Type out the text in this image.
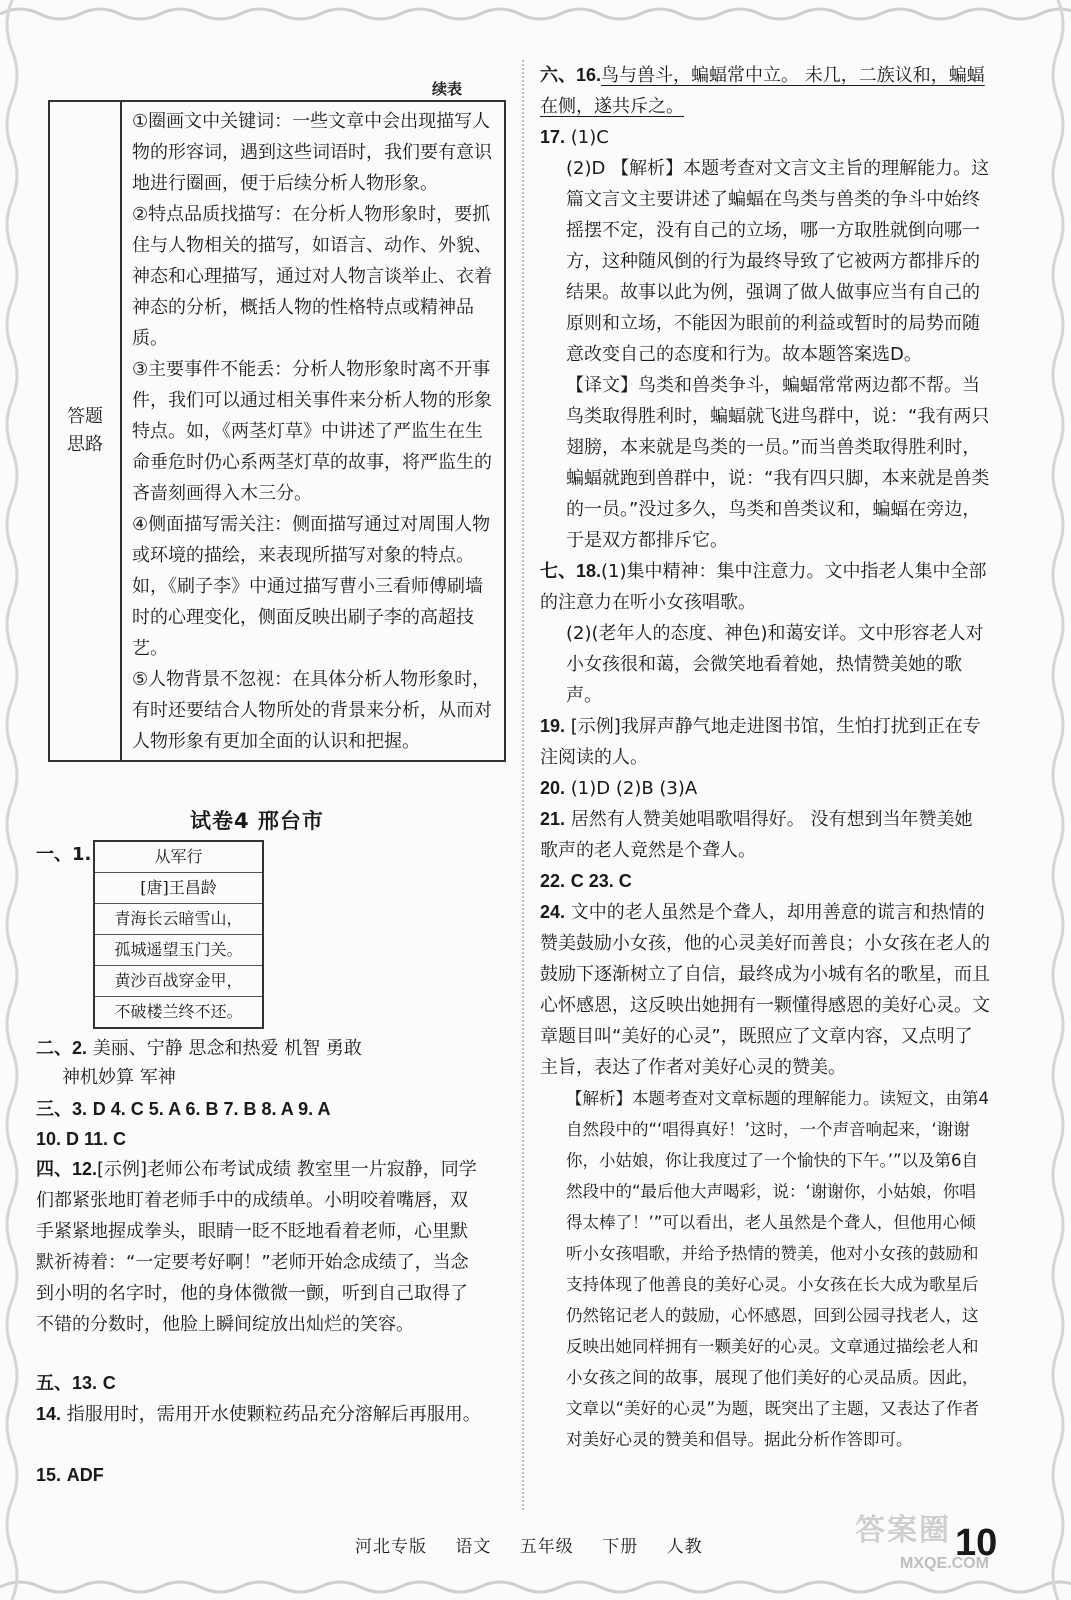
续表
答题思路

①圈画文中关键词：一些文章中会出现描写人物的形容词，遇到这些词语时，我们要有意识地进行圈画，便于后续分析人物形象。

②特点品质找描写：在分析人物形象时，要抓住与人物相关的描写，如语言、动作、外貌、神态和心理描写，通过对人物言谈举止、衣着神态的分析，概括人物的性格特点或精神品质。

③主要事件不能丢：分析人物形象时离不开事件，我们可以通过相关事件来分析人物的形象特点。如，《两茎灯草》中讲述了严监生在生命垂危时仍心系两茎灯草的故事，将严监生的吝啬刻画得入木三分。

④侧面描写需关注：侧面描写通过对周围人物或环境的描绘，来表现所描写对象的特点。如，《刷子李》中通过描写曹小三看师傅刷墙时的心理变化，侧面反映出刷子李的高超技艺。

⑤人物背景不忽视：在具体分析人物形象时，有时还要结合人物所处的背景来分析，从而对人物形象有更加全面的认识和把握。

试卷4 邢台市
一、1.	从军行
[唐]王昌龄
青海长云暗雪山，
孤城遥望玉门关。
黄沙百战穿金甲，
不破楼兰终不还。
二、2. 美丽、宁静 思念和热爱 机智 勇敢
神机妙算 军神
三、3. D 4. C 5. A 6. B 7. B 8. A 9. A
10. D 11. C

四、12.[示例]老师公布考试成绩 教室里一片寂静，同学们都紧张地盯着老师手中的成绩单。小明咬着嘴唇，双手紧紧地握成拳头，眼睛一眨不眨地看着老师，心里默默祈祷着：“一定要考好啊！”老师开始念成绩了，当念到小明的名字时，他的身体微微一颤，听到自己取得了不错的分数时，他脸上瞬间绽放出灿烂的笑容。

五、13. C

14. 指服用时，需用开水使颗粒药品充分溶解后再服用。

15. ADF

六、16.鸟与兽斗，蝙蝠常中立。 未几，二族议和，蝙蝠在侧，遂共斥之。

17. (1)C

(2)D 【解析】本题考查对文言文主旨的理解能力。这篇文言文主要讲述了蝙蝠在鸟类与兽类的争斗中始终摇摆不定，没有自己的立场，哪一方取胜就倒向哪一方，这种随风倒的行为最终导致了它被两方都排斥的结果。故事以此为例，强调了做人做事应当有自己的原则和立场，不能因为眼前的利益或暂时的局势而随意改变自己的态度和行为。故本题答案选D。

【译文】鸟类和兽类争斗，蝙蝠常常两边都不帮。当鸟类取得胜利时，蝙蝠就飞进鸟群中，说：“我有两只翅膀，本来就是鸟类的一员。”而当兽类取得胜利时，蝙蝠就跑到兽群中，说：“我有四只脚，本来就是兽类的一员。”没过多久，鸟类和兽类议和，蝙蝠在旁边，于是双方都排斥它。

七、18.(1)集中精神：集中注意力。文中指老人集中全部的注意力在听小女孩唱歌。

(2)(老年人的态度、神色)和蔼安详。文中形容老人对小女孩很和蔼，会微笑地看着她，热情赞美她的歌声。

19. [示例]我屏声静气地走进图书馆，生怕打扰到正在专注阅读的人。

20. (1)D (2)B (3)A

21. 居然有人赞美她唱歌唱得好。 没有想到当年赞美她歌声的老人竟然是个聋人。

22. C 23. C

24. 文中的老人虽然是个聋人，却用善意的谎言和热情的赞美鼓励小女孩，他的心灵美好而善良；小女孩在老人的鼓励下逐渐树立了自信，最终成为小城有名的歌星，而且心怀感恩，这反映出她拥有一颗懂得感恩的美好心灵。文章题目叫“美好的心灵”，既照应了文章内容，又点明了主旨，表达了作者对美好心灵的赞美。

【解析】本题考查对文章标题的理解能力。读短文，由第4自然段中的“‘唱得真好！’这时，一个声音响起来，‘谢谢你，小姑娘，你让我度过了一个愉快的下午。’”以及第6自然段中的“最后他大声喝彩，说：‘谢谢你，小姑娘，你唱得太棒了！’”可以看出，老人虽然是个聋人，但他用心倾听小女孩唱歌，并给予热情的赞美，他对小女孩的鼓励和支持体现了他善良的美好心灵。小女孩在长大成为歌星后仍然铭记老人的鼓励，心怀感恩，回到公园寻找老人，这反映出她同样拥有一颗美好的心灵。文章通过描绘老人和小女孩之间的故事，展现了他们美好的心灵品质。因此，文章以“美好的心灵”为题，既突出了主题，又表达了作者对美好心灵的赞美和倡导。据此分析作答即可。

河北专版 语文 五年级 下册 人教	答案圈
MXQE.COM
10
